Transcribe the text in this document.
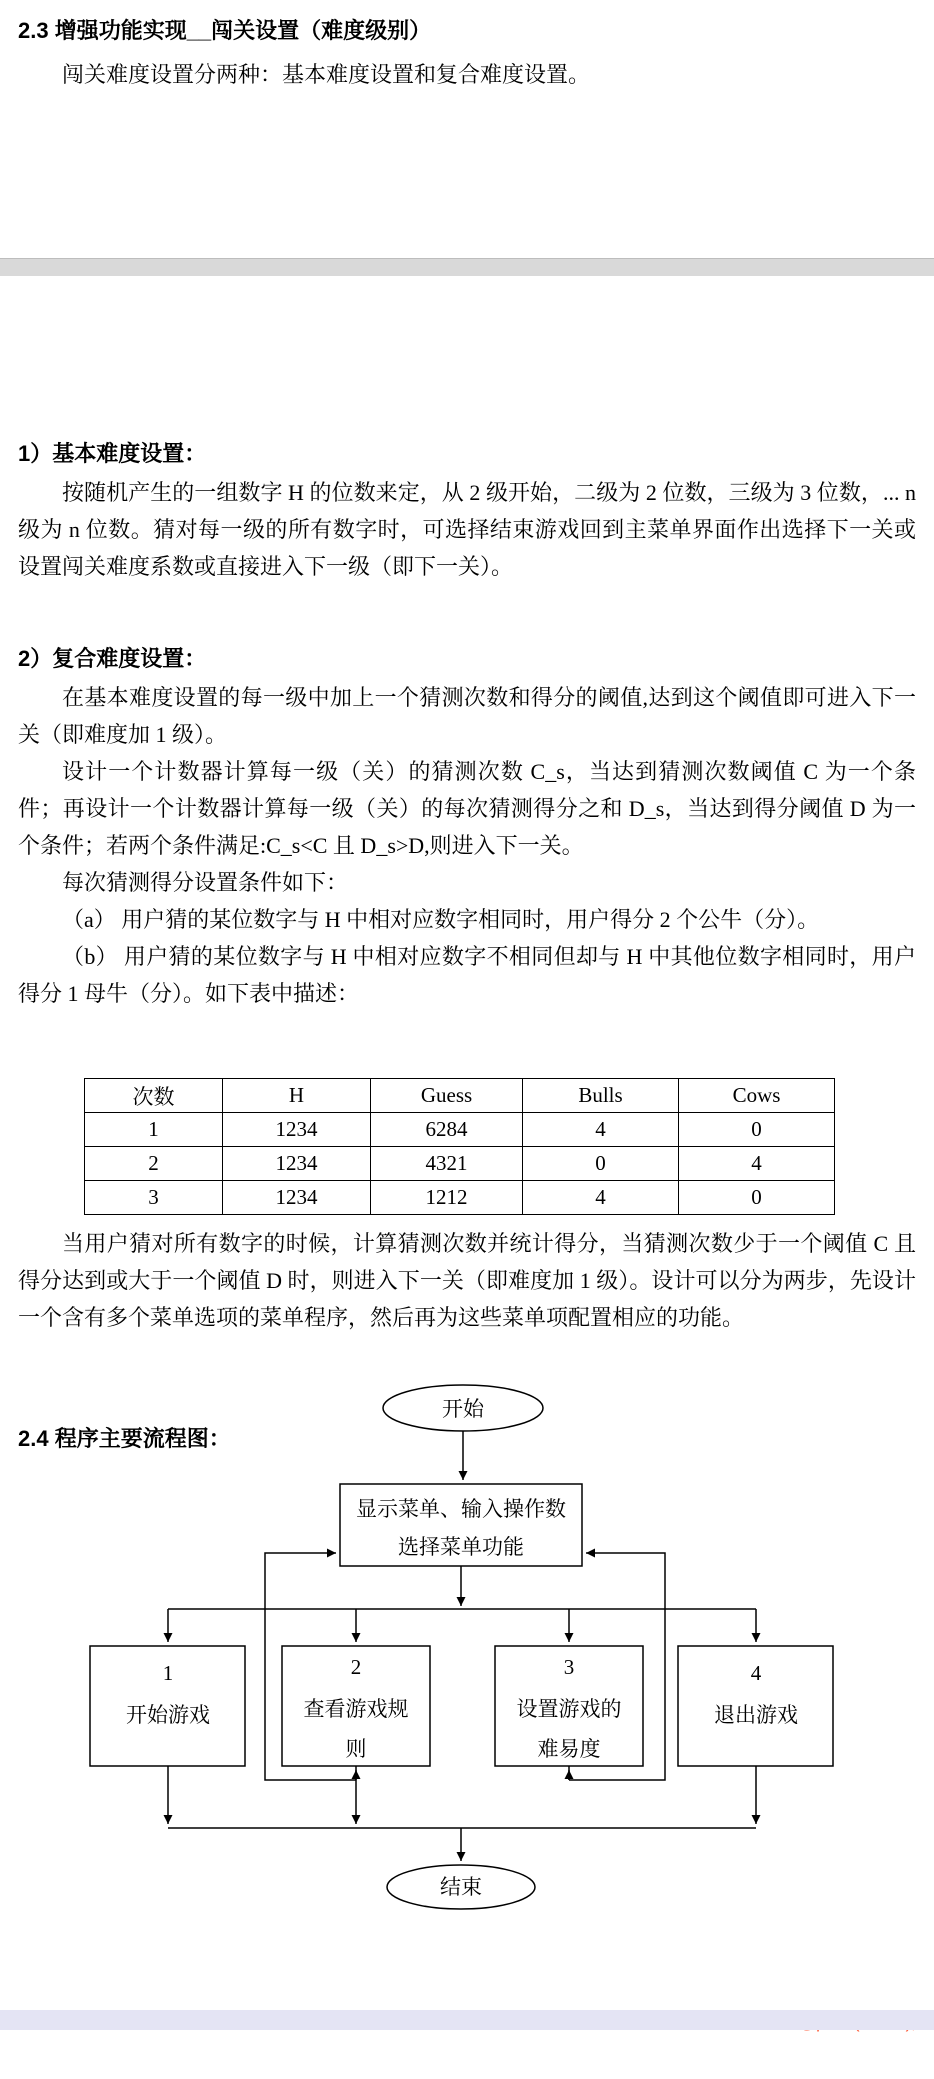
2.3 增强功能实现__闯关设置（难度级别）

闯关难度设置分两种：基本难度设置和复合难度设置。

1）基本难度设置：

按随机产生的一组数字 H 的位数来定，从 2 级开始，二级为 2 位数，三级为 3 位数，... n 级为 n 位数。猜对每一级的所有数字时，可选择结束游戏回到主菜单界面作出选择下一关或设置闯关难度系数或直接进入下一级（即下一关）。

2）复合难度设置：

在基本难度设置的每一级中加上一个猜测次数和得分的阈值,达到这个阈值即可进入下一关（即难度加 1 级）。

设计一个计数器计算每一级（关）的猜测次数 C_s，当达到猜测次数阈值 C 为一个条件；再设计一个计数器计算每一级（关）的每次猜测得分之和 D_s，当达到得分阈值 D 为一个条件；若两个条件满足:C_s<C 且 D_s>D,则进入下一关。

每次猜测得分设置条件如下：

（a） 用户猜的某位数字与 H 中相对应数字相同时，用户得分 2 个公牛（分）。

（b） 用户猜的某位数字与 H 中相对应数字不相同但却与 H 中其他位数字相同时，用户得分 1 母牛（分）。如下表中描述：

次数	H	Guess	Bulls	Cows
1	1234	6284	4	0
2	1234	4321	0	4
3	1234	1212	4	0

当用户猜对所有数字的时候，计算猜测次数并统计得分，当猜测次数少于一个阈值 C 且得分达到或大于一个阈值 D 时，则进入下一关（即难度加 1 级）。设计可以分为两步，先设计一个含有多个菜单选项的菜单程序，然后再为这些菜单项配置相应的功能。

开始
显示菜单、输入操作数
选择菜单功能
1
开始游戏
2
查看游戏规
则
3
设置游戏的
难易度
4
退出游戏
结束
2.4 程序主要流程图：
